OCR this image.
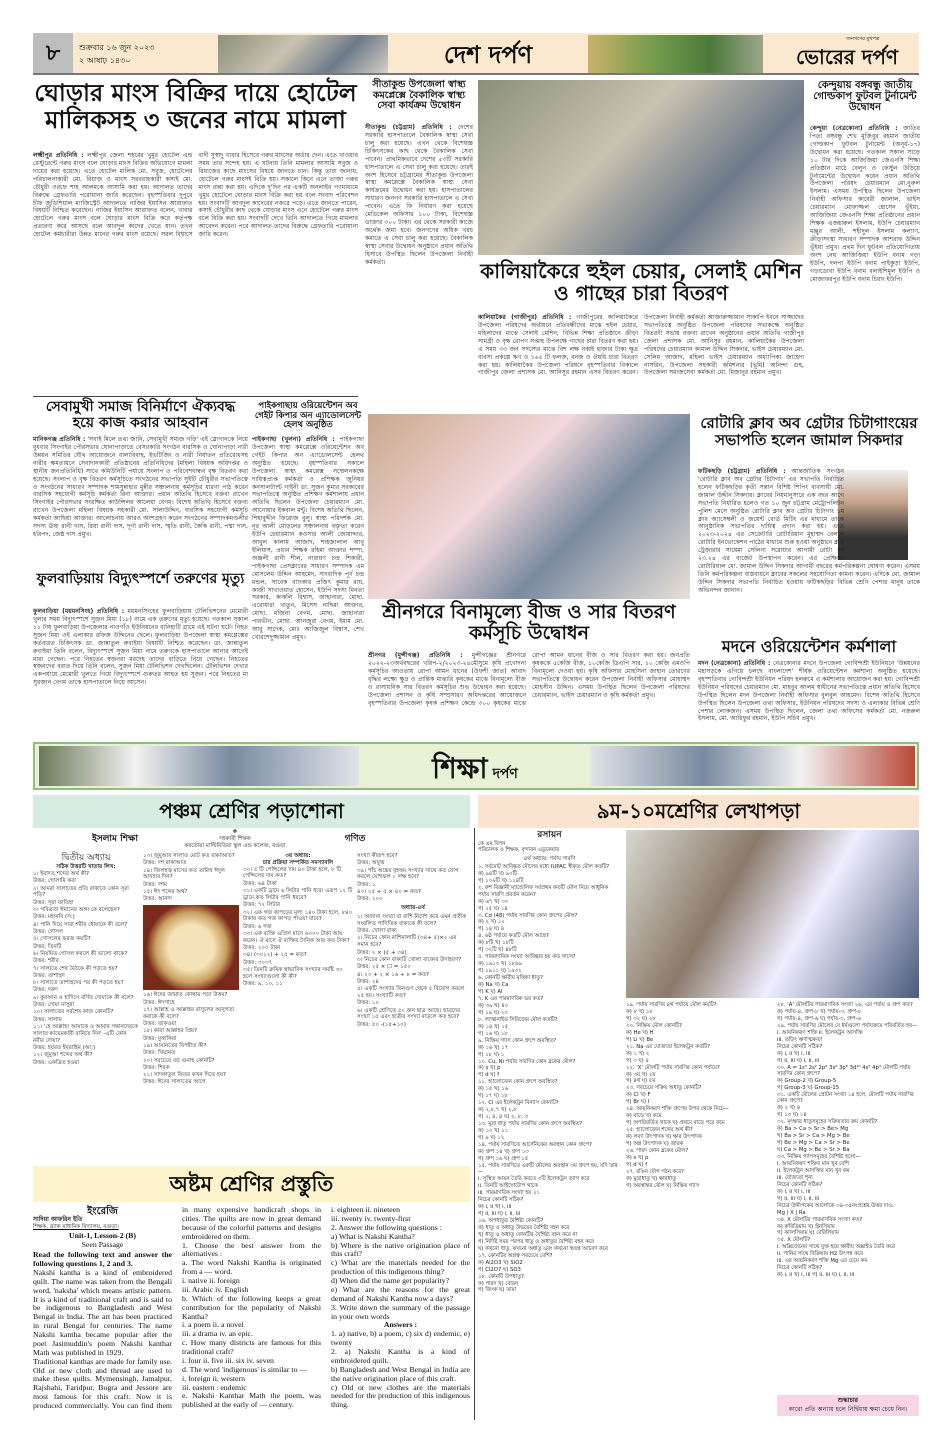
৮	শুক্রবার ১৬ জুন ২০২৩
২ আষাঢ় ১৪৩০	দেশ দর্পণ
জনগণের মুখপত্র
ভোরের দর্পণ
ঘোড়ার মাংস বিক্রির দায়ে হোটেল মালিকসহ ৩ জনের নামে মামলা
লক্ষ্মীপুর প্রতিনিধি : লক্ষ্মীপুর জেলা শহরের খুমুর হোটেল এন্ড রেস্টুরেন্টে গরুর মাংস বলে ঘোড়ার মাংস বিক্রির অভিযোগে মামলা দায়ের করা হয়েছে। এতে হোটেল মালিক মো. সবুজ, হোটেলের পরিচালনাকারী মো. রিয়াজ ও মাংস সরবরাহকারী কসাই মো. চৌধুরী ওরফে শাহ আলমকে আসামি করা হয়। আদালত তাদের বিরুদ্ধে গ্রেফতারি পরোয়ানা জারি করেছেন। বৃহস্পতিবার দুপুরে চীফ জুডিশিয়াল ম্যাজিস্ট্রেট আদালতে নাজির ইয়াসিন আরাফাত বিষয়টি নিশ্চিত করেছেন। নাজির ইয়াসিন আরাফাত বলেন, খাবার হোটেলে গরুর মাংস বলে ঘোড়ার মাংস বিক্রি করে কর্তৃপক্ষ প্রতারণা করে আসছে বলে আবদুল কাদের খেতে যান। তখন হোটেল কর্মচারীরা উন্নত মানের গরুর মাংস রয়েছে। সরল বিশ্বাসে বাদী সুস্বাদু খাবার হিসেবে গরুর মাংসের অর্ডার দেন। এতে খাওয়ার সময় তার সন্দেহ হয়। এ ঘটনায় তিনি মামলার আসামি সবুজ ও রিয়াজের কাছে মাংসের বিষয়ে জানতে চান। কিন্তু তারা জানায়, হোটেলে গরুর মাংসই বিক্রি হয়। সকালে কিনে এনে তাজা গরুর মাংস রান্না করা হয়। এদিকে দু'দিন পর একটি অনলাইন গণমাধ্যমে খুমুর হোটেলে ঘোড়ার মাংস বিক্রি করা হয় বলে সংবাদ পরিবেশন হয়। সংবাদটি আবদুল কাদেরের নজরে পড়ে। এতে জানতে পারেন, কসাই চৌধুরীর কাছ থেকে ঘোড়ার মাংস এনে হোটেলে গরুর মাংস বলে বিক্রি করা হয়। সংবাদটি দেখে তিনি আদালতে গিয়ে মামলার আবেদন করেন। পরে আদালত তাদের বিরুদ্ধে গ্রেফতারি পরোয়ানা জারি করেন।
সীতাকুন্ড উপজেলা স্বাস্থ্য কমপ্লেক্সে বৈকালিক স্বাস্থ্য সেবা কার্যক্রম উদ্বোধন
সীতাকুন্ড (চট্টগ্রাম) প্রতিনিধি : দেশের সরকারি হাসপাতালে বৈকালিক স্বাস্থ্য সেবা চালু করা হয়েছে। এখন থেকে বিশেষজ্ঞ চিকিৎসকের কাছ থেকে বৈকালিক সেবা পাবেন। প্রাথমিকভাবে দেশের ৫৩টি সরকারি হাসপাতালে এ সেবা চালু করা হয়েছে। তারই অংশ হিসেবে চট্টগ্রামের সীতাকুন্ড উপজেলা স্বাস্থ্য কমপ্লেক্সে বৈকালিক স্বাস্থ্য সেবা কার্যক্রমের উদ্বোধন করা হয়। হাসপাতালের সাধারণ জনগণ সরকারি হাসপাতালে এ সেবা পাবেন। এতে ফি নির্ধারণ করা হয়েছে মেডিকেল অফিসার ১০০ টাকা, বিশেষজ্ঞ ডাক্তার ৩০০ টাকা। এর থেকে সরকারী কাজে অর্থেক জমা হবে। জনগণের অধিক খরচ কমাতে এ সেবা চালু করা হয়েছে। বৈকালিক স্বাস্থ্য সেবার উদ্বোধন অনুষ্ঠানে প্রধান অতিথি হিসাবে উপস্থিত ছিলেন উপজেলা নির্বাহী কর্মকর্তা।	কালিয়াকৈরে হুইল চেয়ার, সেলাই মেশিন ও গাছের চারা বিতরণ
কালিয়াকৈর (গাজীপুর) প্রতিনিধি : গাজীপুরের কালিয়াকৈরে উপজেলা পরিষদের অর্থায়নে প্রতিবন্ধীদের মাঝে হুইল চেয়ার, মহিলাদের মাঝে সেলাই মেশিন, বিভিন্ন শিক্ষা প্রতিষ্ঠানে ক্রীড়া সামগ্রী ও বৃক্ষ রোপণ সপ্তাহ উপলক্ষে গাছের চারা বিতরণ করা হয়। এ সময় ৩৩ জন সদস্যের মাঝে বিশ লক্ষ নব্বই হাজার টাকা ক্ষুদ্র ব্যবসা প্রকল্পে ঋণ ও ১৬৫ টি ফলজ, বনজ ও ঔষধি চারা বিতরণ করা হয়। কালিয়াকৈর উপজেলা পরিষদে বৃহস্পতিবার বিকালে গাজীপুর জেলা প্রশাসক মো. আনিসুর রহমান এসব বিতরণ করেন। উপজেলা নির্বাহী কর্মকর্তা আক্তারুজ্জামান সাকাপি ইবনে সাজ্জাদের সভাপতিত্বে অনুষ্ঠিত উপজেলা পরিষদের সভাকক্ষে অনুষ্ঠিত বিতরণী সভায় বক্তব্য রাখেন অনুষ্ঠানের প্রধান অতিথি গাজীপুর জেলা প্রশাসক মো. আনিসুর রহমান, কালিয়াকৈর উপজেলা পরিষদের চেয়ারম্যান কামাল উদ্দিন সিকদার, ভাইস চেয়ারম্যান মো. সেলিম আজাদ, মহিলা ভাইস চেয়ারম্যান অধ্যাপিকা জাহেদা নাসরিন, উপজেলা সহকারী কমিশনার (ভূমি) অনিন্দ্য গুহ, উপজেলা সমাজসেবা কর্মকর্তা মো. মিজানুর রহমান প্রমুখ।
কেন্দুয়ায় বঙ্গবন্ধু জাতীয় গোল্ডকাপ ফুটবল টুর্নামেন্ট উদ্বোধন
কেন্দুয়া (নেত্রকোনা) প্রতিনিধি : জাতির পিতা বঙ্গবন্ধু শেখ মুজিবুর রহমান জাতীয় গোল্ডকাপ ফুটবল টুর্নামেন্ট (অনূর্ধ-১৭) উদ্বোধন করা হয়েছে। গতকাল সকাল সাড়ে ১০ টার দিকে আজিজিয়া জেএনসি শিক্ষা প্রতিষ্ঠান মাঠে বেলুন ও ফেস্টুন উড়িয়ে টুর্নামেন্টের উদ্বোধন করেন প্রধান অতিথি উপজেলা পরিষদ চেয়ারম্যান মো.নুরুল ইসলাম। এসময় উপস্থিত ছিলেন উপজেলা নির্বাহী অফিসার কাবেরী জালাল, ভাইস চেয়ারম্যান মোফাজ্জল হোসেন ভূঁইয়া, আজিজিয়া জেএনসি শিক্ষা প্রতিষ্ঠানের প্রধান শিক্ষক এজহারুল ইসলাম, ইউপি চেয়ারম্যান মঞ্জুর আলী, শহীদুল ইসলাম কল্যাণ, ক্রীড়াসংস্থা সাধারণ সম্পাদক আশরাফ উদ্দিন ভূঁইয়া প্রমুখ। প্রথম দিন ফুটবল প্রতিযোগিতায় অংশ নেয় আজিজিয়া ইউপি বনাম গড়া ইউপি, দলপা ইউপি বনাম পাইকুড়া ইউপি, গড়াডোবা ইউপি বনাম বলাইশিমুল ইউপি ও মোজাফরপুর ইউপি বনাম চিরাং ইউপি।
সেবামুখী সমাজ বিনির্মাণে ঐক্যবদ্ধ হয়ে কাজ করার আহবান
মানিকগঞ্জ প্রতিনিধি : 'সবাই মিলে তথ্য জানি, সেবামুখী সমাজ গড়ি' এই স্লোগানকে নিয়ে বুধবার সিংগাইর পৌরসভার ঘোনাপাড়াতে বেসরকারি সংগঠন বারসিক ও ঘোনাপাড়া নারী উন্নয়ন সমিতির যৌথ আয়োজনে বাল্যবিবাহ, ইভটিজিং ও নারী নির্যাতন প্রতিরোধসহ নারীর ক্ষমতায়নে সেবাদানকারী প্রতিষ্ঠানের প্রতিনিধিদের (মহিলা বিষয়ক অধিদপ্তর ও স্থানীয় জনপ্রতিনিধি) সাথে কমিউনিটি পর্যায়ে সংলাপ ও পরিবেশবান্ধব বৃক্ষ বিতরণ করা হয়েছে। সংলাপ ও বৃক্ষ বিতরণ কর্মসূচিতে সংগঠনের সভাপতি সুইটি চৌধুরীর সভাপতিত্বে ও সংগঠনের সাধারণ সম্পাদক শামসুন্নাহার মুন্নীর সঞ্চালনায় কর্মসূচির ধারণা পাঠ করেন বারসিক সহযোগী কর্মসূচি কর্মকর্তা রিনা আক্তার। প্রধান অতিথি হিসেবে বক্তব্য রাখেন সিংগাইর পৌরসভার সংরক্ষিত কাউন্সিলর আলেয়া বেগম। বিশেষ অতিথি হিসেবে বক্তব্য রাখেন উপজেলা মহিলা বিষয়ক সহকারী মো. সালাউদ্দিন, বারসিক সহযোগী কর্মসূচি কর্মকর্তা আছিয়া আক্তার। আলোচনায় আরও অংশগ্রহণ করেন সংগঠনের সম্পাদকমণ্ডলীর সদস্য ঊষা রানী দাস, রিয়া রানী দাস, দূর্গা রানী দাস, স্মৃতি রানী, কৈকি রানী, পদ্মা দাস, হরিপদ, জেষ্ঠ দাস প্রমুখ।
ফুলবাড়িয়ায় বিদ্যুৎস্পর্শে তরুণের মৃত্যু
ফুলবাড়িয়া (ময়মনসিংহ) প্রতিনিধি : ময়মনসিংহের ফুলবাড়িয়ায় টেলিভিশনের মেমোরী খুলার সময় বিদ্যুৎস্পর্শে সুজন মিয়া (১৮) নামে এক তরুণের মৃত্যু হয়েছে। গতকাল সকাল ১১ টায় ফুলবাড়িয়া উপজেলার নাওগাঁও ইউনিয়নের বানিহাটি গ্রামে এই ঘটনা ঘটে। নিহত সুজন মিয়া ওই এলাকার রফিজ উদ্দিনের ছেলে। ফুলবাড়িয়া উপজেলা স্বাস্থ্য কমপ্লেক্সের কর্তব্যরত চিকিৎসক ডা. জান্নাতুল রুবাইয়া বিষয়টি নিশ্চিত করেছেন। ডা. জান্নাতুল রুবাইয়া তিনি বলেন, বিদ্যুৎস্পর্শে সুজন মিয়া নামে তরুণকে হাসপাতালে আনার আগেই মারা গেছেন। পরে নিহতের স্বজনরা মরদেহ তাদের বাড়িতে নিয়ে গেছেন। নিহতের স্বজনদের বরাত দিয়ে তিনি বলেন, সুজন মিয়া টেলিভিশন দেখছিলেন। টেলিভিশন দেখার একপর্যায়ে মেমোরী খুলতে গিয়ে বিদ্যুৎস্পর্শে গুরুতর আহত হয় সুজন। পরে নিহতের মা সুরজান বেগম তাকে হাসপাতালে নিয়ে আসেন।
পাইকগাছায় ওরিয়েন্টেশন অব গেইট কিপার অন এ্যাডোলসেন্ট হেলথ অনুষ্ঠিত
পাইকগাছা (খুলনা) প্রতিনিধি : পাইকগাছা উপজেলা স্বাস্থ্য কমপ্লেক্সে ওরিয়েন্টেশন অব গেইট কিপার অন এ্যাডোলসেন্ট হেলথ অনুষ্ঠিত হয়েছে। বৃহস্পতিবার সকালে উপজেলা স্বাস্থ্য কমপ্লেক্স সম্মেলনকক্ষে দায়িত্বপ্রাপ্ত কর্মকর্তা ও প্রশিক্ষক জুনিয়র কনসালট্যান্ট গাইনী ডা. সুজন কুমার সরকারের সভাপতিত্বে অনুষ্ঠিত প্রশিক্ষণ কর্মশালায় প্রধান অতিথি ছিলেন উপজেলা চেয়ারম্যান মো. আনোয়ার ইকবাল মন্টু। বিশেষ অতিথি ছিলেন, শিহাবুদ্দীন ফিরোজ বুলু। স্বাস্থ্য পরিদর্শক মো. নূর আলী মোড়লের সঞ্চালনায় বক্তৃতা করেন ইউপি চেয়ারম্যান কওসার আলী জোয়াদ্দার, আবুল কালাম আজাদ, শাহজালাল আবু ইলিয়াস, প্রধান শিক্ষক রহিমা আক্তার শম্পা, অঞ্জলী রানী শীল, নারায়ণ চন্দ্র শিকারী, পাইকগাছা প্রেসক্লাবের সাধারণ সম্পাদক এম মোসলেম উদ্দিন আহমেদ, সাংবাদিক পূর্ণ চন্দ্র মন্ডল, সাবেক ব্যাংকার প্রজিৎ কুমার রায়, কাজী সাখাওয়াত হোসেন, ইউপি সদস্য মিনতা সরকার, কাকলি বিশ্বাস, জাহানারা, মোছা. এরোয়ারা খাতুন, মিসেস নাছিমা আক্তার, মোছা. মর্জিনা বেগম, মোছা. জাহানারা পারভীন, মোছা. আনজুরা বেগম, ইমাম মো. আবু সাদেক, মোঃ আজিজুল বিশ্বাস, শেখ খোরশেদুজ্জামান প্রমুখ।
শ্রীনগরে বিনামূল্যে বীজ ও সার বিতরণ কর্মসূচি উদ্বোধন
শ্রীনগর (মুন্সীগঞ্জ) প্রতিনিধি : মুন্সীগঞ্জের শ্রীনগরে ২০২২-২৩অর্থবছরের খরিপ-২/২০২৩-২৪মৌসুমে কৃষি প্রণোদনা কর্মসূচির আওতায় রোপা আমন ধানের (উফশী জাত) আবাদ বৃদ্ধির লক্ষ্যে ক্ষুদ্র ও প্রান্তিক মাঝারি কৃষকের মাঝে বিনামূল্যে বীজ ও রাসায়নিক সার বিতরণ কর্মসূচির শুভ উদ্বোধন করা হয়েছে। উপজেলা প্রশাসন ও কৃষি সম্প্রসারণ অধিদপ্তরের আয়োজনে বৃহস্পতিবার উপজেলা কৃষক প্রশিক্ষণ কেন্দ্রে ৩০০ কৃষকের মাঝে রোপা আমন ধানের বীজ ও সার বিতরণ করা হয়। জনপ্রতি কৃষককে ৫কেজি বীজ, ১০কেজি ডিএপি সার, ১০ কেজি এমওপি বিনামূল্যে দেওয়া হয়। কৃষি অফিসার মোহসিনা জাহান তোরণের সভাপতিত্বে উদ্বোধন করেন উপজেলা নির্বাহী অফিসার মোহাম্মদ মোহসীন উদ্দিন। এসময় উপস্থিত ছিলেন উপজেলা পরিষদের চেয়ারম্যান, ভাইস চেয়ারম্যান ও কৃষি কর্মকর্তা প্রমুখ।
রোটারি ক্লাব অব গ্রেটার চিটাগাংয়ের সভাপতি হলেন জামাল সিকদার
ফটিকছড়ি (চট্টগ্রাম) প্রতিনিধি : আন্তর্জাতিক সংগঠন 'রোটারি ক্লাব অব গ্রেটার চিটাগাং' এর সভাপতি নির্বাচিত হলেন ফটিকছড়ির কৃতী সন্তান বিশিষ্ট শিপিং ব্যবসায়ী মো. জামাল উদ্দীন সিকদার। ক্লাবের নিয়মানুসারে এক বছর আগে সভাপতি নির্ধারিত হলেও গত ১০ জুন চট্টগ্রাম মেট্রোপলিটন পুলিশ মেসে অনুষ্ঠিত রোটারি ক্লাব অব গ্রেটার চিটাগাং ১ম ক্লাব অ্যাসেম্বলী ও জয়েন্ট বোর্ড মিটিং এর মাধ্যমে তাকে আনুষ্ঠানিক সভাপতির দায়িত্ব প্রদান করা হয়। এতে ২০২৩-২০২৪ এর সেক্রেটারি রোটারিয়ান মুহাম্মদ বেলাল রোটারি ইনভোকেশন পাঠের মাধ্যমে শুরু হওয়া অনুষ্ঠানে ক্লাব ট্রেজারার সায়েমা সেলিনা সরোয়ার আগামী রোটা বর্ষ ২৩.২৪ এর বাজেট উপস্থাপন করেন। এর প্রেক্ষিতে রোটারিয়াল মো. জামাল উদ্দিন সিকদার আগামী বছরের কর্মপরিকল্পনা ঘোষণা করেন। এসময় তিনি কর্মপরিকল্পনা বাস্তবায়নে ক্লাবের সকলের সহযোগিতা কামনা করেন। এদিকে মো. জামাল উদ্দিন সিকদার সভাপতি নির্বাচিত হওয়ায় ফটিকছড়ির বিভিন্ন শ্রেণি পেশার মানুষ তাকে অভিনন্দন জানান।
মদনে ওরিয়েন্টেশন কর্মশালা
মদন (নেত্রকোনা) প্রতিনিধি : নেত্রকোনার মদনে উপজেলা গোবিন্দশ্রী ইউনিয়নে 'উন্নয়নের মহাসড়কে এগিয়ে চলছে বাংলাদেশ' শীর্ষক ওরিয়েন্টেশন কর্মশালা অনুষ্ঠিত হয়েছে। বৃহস্পতিবার গোবিন্দশ্রী ইউনিয়ন পরিষদ হলরুমে এ কর্মশালার আয়োজন করা হয়। গোবিন্দশ্রী ইউনিয়ন পরিষদের চেয়ারম্যান মো. মাহবুব আলম স্বাধীনের সভাপতিত্বে প্রধান অতিথি হিসেবে উপস্থিত ছিলেন মদন উপজেলা নির্বাহী অফিসার বুলবুল আহমেদ। বিশেষ অতিথি হিসেবে উপস্থিত ছিলেন উপজেলা তথ্য অফিসার, ইউনিয়ন পরিষদের সদস্য ও এলাকার বিভিন্ন শ্রেণি পেশার লোকজন। এসময় উপস্থিত ছিলেন, জেলা তথ্য অফিসের কর্মকর্তা মো. নজরুল ইসলাম, মো. আরিফুর রহমান, ইউপি সচিব প্রমুখ।
শিক্ষা দর্পণ
পঞ্চম শ্রেণির পড়াশোনা
ইসলাম শিক্ষা
❖
সহকারী শিক্ষক
করতোয়া মাল্টিমিডিয়া স্কুল এন্ড কলেজ, বগুড়া
গণিত
দ্বিতীয় অধ্যায়
সঠিক উত্তরটি খাতায় লিখ:

১। ইবাদত শব্দের অর্থ কী?

উত্তর: গোলামি করা

২। আমরা সালাতের প্রতি রাকাতে কোন সূরা পড়ি?

উত্তর: সূরা ফাতিহা

৩। পবিত্রতা ঈমানের অঙ্গ। কে বলেছেন?

উত্তর: মহানবি (স:)

৪। পানি দিয়ে সারা শরীর ধোয়াকে কী বলে?

উত্তর: গোসল

৫। গোসলের ফরজ কয়টি?

উত্তর: তিনটি

৬। নিয়মিত গোসল করলে কী ভালো থাকে?

উত্তর: শরীর

৭। সালাতে শেষ বৈঠকে কী পড়তে হয়?

উত্তর: তাশাহুদ

৮। সালাতে তাশাহুদের পর কী পড়তে হয়?

উত্তর: দরুদ

৯। কুরআন ও হাদিসে বর্ণিত দোয়াকে কী বলে?

উত্তর: দোয়া মাসুরা

১০। সালাতের সর্বশেষ কাজ কোনটি?

উত্তর: সালাম

১১। 'হে আল্লাহ! আমাকে ও আমার সন্তানদেরকে সালাত কায়েমকারী বানিয়ে দিন' -এটি কোন নবীর দোয়া?

উত্তর: হযরত ইবরাহিম (আ:)

১২। জুমুআ শব্দের অর্থ কী?

উত্তর: একত্রিত হওয়া

১৩। জুমুআর সালাত মোট কত রাকাআত?

উত্তর: দশ রাকাআত

১৪। জিলহজ্ব মাসের কত তারিখ ঈদুল আযহার দিন?

উত্তর: দশম

১৫। ঈদ শব্দের অর্থ?

উত্তর: আনন্দ

১৬। ঈদের জামাত কোথায় পড়া উত্তম?

উত্তর: ঈদগাহে

১৭। আল্লাহ ও আল্লাহর রাসুলের আনুগত্য করাকে কী বলে?

উত্তর: তাকওয়া

১৮। কারা আল্লাহর প্রিয়?

উত্তর: মুত্তাকিরা

১৯। আমানতের বিপরীত কী?

উত্তর: খিয়ানত

২০। সবচেয়ে বড় গুনাহ কোনটি?

উত্তর: শিরক

২১। সাদকাতুল ফিতর কখন দিতে হয়?

উত্তর: ঈদের সালাতের আগে

৩য় অধ্যায়:
চার প্রক্রিয়া সম্পর্কিত সমস্যাবলি

৩০। ৫ টি পেন্সিলের দাম ৪০ টাকা হলে, ৮ টি পেন্সিলের দাম কত?

উত্তর: ৬৪ টাকা

৩১। একটি ড্রামে ৬ লিটার পানি ধরে। এরূপ ১২ টি ড্রামে কত লিটার পানি ধরবে?

উত্তর: ৭২ লিটার

৩২। এক গজ কাপড়ের মূল্য ১৪০ টাকা হলে, ৮৪০ টাকায় কত গজ কাপড় পাওয়া যাবে?

উত্তর: ৬ গজ

৩৩। এক ব্যক্তি এপ্রিল মাসে ৬০০০ টাকা আয় করেন। ঐ মাসে ঐ ব্যক্তির দৈনিক আয় কত টাকা?

উত্তর: ২০০ টাকা

৩৪। (৩০১২) + ২৫ = কত?

উত্তর: ৩০৩৭

৩৫। তিনটি ক্রমিক স্বাভাবিক সংখ্যার সমষ্টি ৩০ হলে সংখ্যাগুলো কী কী?

উত্তর: ৯, ১০, ১১

সংখ্যা কীরূপ হবে?

উত্তর: অযুগ্ম

৩৯। পাঁচ অঙ্কের বৃহত্তম সংখ্যার সাথে কত যোগ করলে যোগফল ১ লক্ষ হবে?

উত্তর: ১

৪০। ২৫ + ৫ × ৪০ = কত?

উত্তর: ২০০

অধ্যায়-৪র্থ

১। অজানা সংখ্যা বা রাশি নির্দেশ করে এমন প্রতীক সংবলিত গাণিতিক বাক্যকে কী বলে?

উত্তর: খোলা বাক্য

২। নিচের কোন রাশিমালাটি (৩৪+ ৫)×২ এর সমান হবে?

উত্তর: ২ × (৫ + ৩৪)

৩। নিচের কোন বাক্যটি খোলা বাক্যের উদাহরণ?

উত্তর: ২৫ × ☐ = ১৫০

৪। ২০ + ২ × ১৬ ÷ ৮ = কত?

উত্তর: ২৪

৫। একটি সংখ্যার তিনগুণ থেকে ৫ বিয়োগ করলে ২৫ হয়। সংখ্যাটি কত?

উত্তর: ১০

৬। একটি শ্রেণিতে ৫০ জন ছাত্র আছে। ছাত্রদের সংখ্যা ১৫ এবং ছাত্রীর সংখ্যা বাড়লে কত হবে?

উত্তর: ৫০ -(১৫+১০)

৯ম-১০মশ্রেণির লেখাপড়া
রসায়ন
কে এম বিপন
পরিচালক ও শিক্ষক, বৃন্দাবন এডুকেয়ার
৪র্থ অধ্যায়: পর্যায় সারণি

১. সর্বমোট আবিষ্কৃত মৌলের মধ্যে IUPAC স্বীকৃত মৌল কতটি?

ক) ৯৪টি খ) ৯০টি

গ) ১০৯টি ঘ) ১১৪টি

২. রুশ বিজ্ঞানী ম্যান্ডেলিফ সর্বপ্রথম কতটি মৌল নিয়ে আধুনিক পর্যায় সারণি প্রবর্তন করেন?

ক) ৬৭ খ) ৩০

গ) ২৫ ঘ) ১৪

৩. Cd (48) পর্যায় সারণির কোন গ্রুপের মৌল?

ক) ২ খ) ১২

গ) ১৪ ঘ) ৪

৪. ৬ষ্ঠ পর্যায়ে কতটি মৌল আছে?

ক) ৮টি খ) ১৮টি

গ) ৩২টি ঘ) ৪৮টি

৫. পারমাণবিক সংখ্যা আবিষ্কার হয় কত সালে?

ক) ১৯১৩ খ) ১৮৬৯

গ) ১৯১১ ঘ) ১৯৩২

৬. কোনটি ক্ষারীয় মৃত্তিকা ধাতু?

ক) Na খ) Ca

গ) K ঘ) Al

৭. K এর পারমাণবিক ভর কত?

ক) ৩৯ খ) ৪০

গ) ১৯ ঘ) ২০

৮. ল্যান্থানাইড সিরিজের মৌল কতটি?

ক) ১৪ খ) ১৫

গ) ১৬ ঘ) ১৮

৯. নিষ্ক্রিয় গ্যাস কোন গ্রুপে অবস্থিত?

ক) ১৬ খ) ১৭

গ) ১৮ ঘ) ১

১০. Cu, Ni পর্যায় সারণির কোন ব্লকের মৌল?

ক) s খ) p

গ) d ঘ) f

১১. হ্যালোজেন কোন গ্রুপে অবস্থিত?

ক) ১৫ খ) ১৬

গ) ১৭ ঘ) ১৮

১২. Cl এর ইলেকট্রন বিন্যাস কোনটি?

ক) ২,৮,৭ খ) ২,৮

গ) ২, ৪, ৪ ঘ) ২, ৮, ৩

১৩. মুদ্রা ধাতু পর্যায় সারণির কোন গ্রুপে অবস্থিত?

ক) ১০ খ) ১১

গ) ৯ ঘ) ১২

১৪. পর্যায় সারণিতে আর্সেনিকের অবস্থান কোন গ্রুপে?

ক) গ্রুপ ১৪ খ) গ্রুপ ১৩

গ) গ্রুপ ১৬ ঘ) গ্রুপ ১৫

১৫. পর্যায় সারণিতে একটি মৌলের অবস্থান ৩য় গ্রুপে হয়, যদি তার —

i. সুস্থিত আয়ন তৈরি করতে ৩টি ইলেকট্রন ত্যাগ করে

ii. তিনটি আইসোটোপ থাকে

iii. পারমাণবিক সংখ্যা হয় ২১

নিচের কোনটি সঠিক?

ক) i, ii খ) i, iii

গ) ii, iii ঘ) i, ii, iii

১৬. অপধাতুর বৈশিষ্ট্য কোনটি?

ক) ধাতু ও অধাতু উভয়ের বৈশিষ্ট্য বহন করে

খ) ধাতু ও অধাতু কোনটির বৈশিষ্ট্য বহন করে না

গ) নির্দিষ্ট সময় পরপর ধাতু ও অধাতুর বৈশিষ্ট্য বহন করে

ঘ) কখনো ধাতু, কখনো অধাতু এবং কখনো স্বতন্ত্র আচরণ করে

১৭. কোনটির অম্লত্ব সবচেয়ে বেশি?

ক) Al2O3 খ) SiO2

গ) Cl2O7 ঘ) SO3

১৮. কোনটি উপধাতু?

ক) পারদ খ) বোরন

গ) জিংক ঘ) তামা

১৯. পর্যায় সারণির ৪র্থ পর্যায়ে মৌল কয়টি?

ক) ৮ খ) ১৮

গ) ৩২ ঘ) ২৮

২০. নিষ্ক্রিয় মৌল কোনটি?

ক) He খ) H

গ) Li ঘ) Be

২১. Na এর যোজ্যতা ইলেকট্রন কতটি?

ক) ১ খ) ২

গ) ৩ ঘ) ৪

২২. 'X' মৌলটি পর্যায় সারণির কোন পর্যায়ে?

ক) ৩য় খ) ২য়

গ) ৪র্থ ঘ) ৫ম

২৩. সবচেয়ে সক্রিয় অধাতু কোনটি?

ক) Cl খ) F

গ) Br ঘ) I

২৪. আয়নিকরণ শক্তি গ্রুপের উপর থেকে নিচে—

ক) বাড়ে খ) কমে

গ) অপরিবর্তিত থাকে ঘ) প্রথমে বাড়ে পরে কমে

২৫. হ্যালোজেন শব্দের অর্থ কী?

ক) লবণ উৎপাদক খ) ক্ষার উৎপাদক

গ) অম্ল উৎপাদক ঘ) জারক

২৬. পারদ কোন ব্লকের মৌল?

ক) s খ) p

গ) d ঘ) f

২৭. রঙিন যৌগ গঠন করে?

ক) মুদ্রাধাতু খ) ক্ষারধাতু

গ) অবস্থান্তর মৌল ঘ) নিষ্ক্রিয় গ্যাস

২৮. 'A' মৌলটির পারমাণবিক সংখ্যা ২৬, এর পর্যায় ও গ্রুপ কত?

ক) পর্যায়-৪, গ্রুপ-৮ খ) পর্যায়-৩, গ্রুপ-৮

গ) পর্যায়-৪, গ্রুপ-৬ ঘ) পর্যায়-৩, গ্রুপ-৬

২৯. পর্যায় সারণির মৌলের যে ধর্মগুলো পর্যায়ক্রমে পরিবর্তিত হয়—

i. আয়নিকরণ শক্তি ii. ইলেকট্রন আসক্তি

iii. তড়িৎ ঋণাত্মকতা

নিচের কোনটি সঠিক?

ক) i, ii খ) i, iii

গ) ii, iii ঘ) i, ii, iii

৩০. A = 1s² 2s² 2p⁶ 3s² 3p⁶ 3d¹⁰ 4s² 4p³ মৌলটি পর্যায় সারণির কোন গ্রুপে?

ক) Group-2 খ) Group-5

গ) Group-3 ঘ) Group-15

৩১. একটি মৌলের প্রোটন সংখ্যা ১৪ হলে, মৌলটি পর্যায় সারণির কোন গ্রুপে?

ক) ২ খ) ৪

গ) ১৩ ঘ) ১৪

৩২. মৃৎক্ষার ধাতুসমূহের সক্রিয়তার ক্রম কোনটি?

ক) Ba > Ca > Sr > Be> Mg

খ) Ba > Sr > Ca > Mg > Be

গ) Be > Mg > Ca > Sr > Be

ঘ) Ca > Mg > Be > Sr > Ba

৩৩. নিষ্ক্রিয় গ্যাসসমূহের বৈশিষ্ট্য হলো—

i. আয়নিকরণ শক্তির মান খুব বেশি

ii. ইলেকট্রন আসক্তির মান খুব কম

iii. যোজ্যতা শূন্য

নিচের কোনটি সঠিক?

ক) i, ii খ) i, iii

গ) ii, iii ঘ) i, ii, iii

নিচের উদ্দীপকের আলোকে ৩৪-৩৫নংপ্রশ্নের উত্তর দাও:

Mg | X | Ra

৩৪. X মৌলটির পারমাণবিক সংখ্যা কত?

ক) রুবিডিয়াম খ) স্ট্রনসিয়াম

গ) ক্যালসিয়াম ঘ) বেরিলিয়াম

৩৫. X মৌলটি?

i. অক্সিজেনের সাথে যুক্ত হয়ে ক্ষারীয় অক্সাইড তৈরি করে

ii. পানির সাথে বিক্রিয়ায় H2 উৎপন্ন করে

iii. এর আয়নিকরণ শক্তি Mg এর চেয়ে কম

নিচের কোনটি সঠিক?

ক) i, ii খ) i, iii গ) ii, iii ঘ) i, ii, iii

শুদ্ধাচার
কারো প্রতি অন্যায় হলে নির্দ্বিধায় ক্ষমা চেয়ে নিন।
অষ্টম শ্রেণির প্রস্তুতি
ইংরেজি
সাদিয়া আফরিন ইতি
শিক্ষক, ব্র্যাক মাধ্যমিক বিদ্যালয়, বগুড়া।
Unit-1, Lesson-2 (B)
Seen Passage
Read the following text and answer the following questions 1, 2 and 3.
Nakshi kantha is a kind of embroidered quilt. The name was taken from the Bengali word, 'naksha' which means artistic pattern. It is a kind of traditional craft and is said to be indigenous to Bangladesh and West Bengal in India. The art has been practiced in rural Bengal for centuries. The name Nakshi kantha became popular after the poet Jasimuddin's poem Nakshi kanthar Math was published in 1929.
Traditional kanthas are made for family use. Old or new cloth and thread are used to make these quilts. Mymensingh, Jamalpur, Rajshahi, Faridpur, Bogra and Jessore are most famous for this craft. Now it is produced commercially. You can find them in many expensive handicraft shops in cities. The quilts are now in great demand because of the colorful patterns and designs embroidered on them.

1. Choose the best answer from the alternatives :

a. The word Nakshi Kantha is originated from a — word.

i. native ii. foreign

iii. Arabic iv. English

b. Which of the following keeps a great contribution for the popularity of Nakshi Kantha?

i. a poem ii. a novel

iii. a drama iv. an epic.

c. How many districts are famous for this traditional craft?

i. four ii. five iii. six iv. seven

d. The word 'indigenous' is similar to —

i. foreign ii. western

iii. eastern . endemic

e. Nakshi Kanthar Math the poem, was published at the early of — century.

i. eighteen ii. nineteen

iii. twenty iv. twenty-first

2. Answer the following questions :

a) What is Nakshi Kantha?

b) Where is the native origination place of this craft?

c) What are the materials needed for the production of this indigenous thing?

d) When did the name get popularity?

e) What are the reasons for the great demand of Nakshi Kantha now a days?

3. Write down the summary of the passage in your own words

Answers :

1. a) native, b) a poem, c) six d) endemic, e) twenty

2. a) Nakshi Kantha is a kind of embroidered quilt.

b) Bangladesh and West Bengal in India are the native origination place of this craft.

c) Old or new clothes are the materials needed for the production of this indigenous thing.
